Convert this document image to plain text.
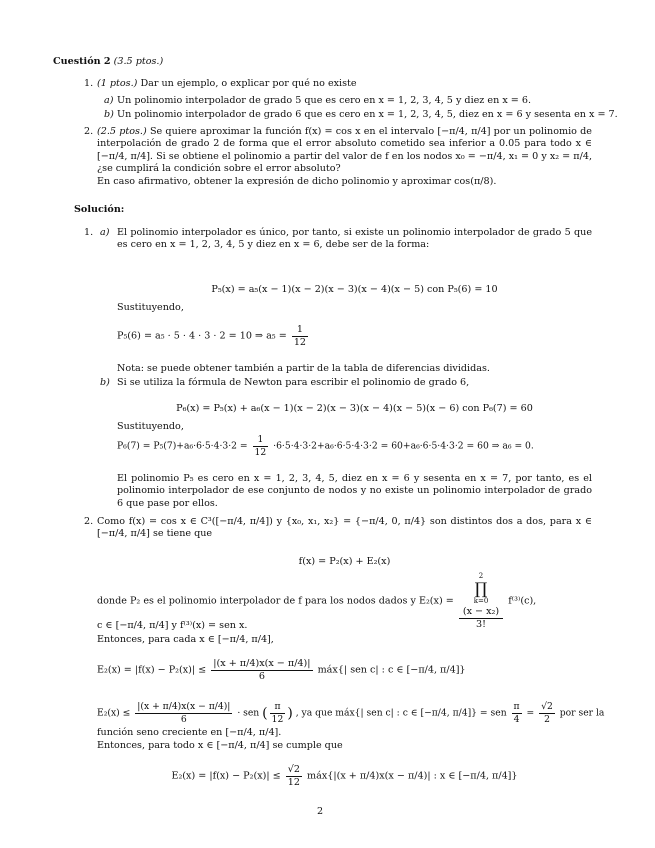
Cuestión 2 (3.5 ptos.)

1. (1 ptos.) Dar un ejemplo, o explicar por qué no existe

a) Un polinomio interpolador de grado 5 que es cero en x = 1, 2, 3, 4, 5 y diez en x = 6.

b) Un polinomio interpolador de grado 6 que es cero en x = 1, 2, 3, 4, 5, diez en x = 6 y sesenta en x = 7.

2. (2.5 ptos.) Se quiere aproximar la función f(x) = cos x en el intervalo [−π/4, π/4] por un polinomio de interpolación de grado 2 de forma que el error absoluto cometido sea inferior a 0.05 para todo x ∈ [−π/4, π/4]. Si se obtiene el polinomio a partir del valor de f en los nodos x₀ = −π/4, x₁ = 0 y x₂ = π/4, ¿se cumplirá la condición sobre el error absoluto?
En caso afirmativo, obtener la expresión de dicho polinomio y aproximar cos(π/8).

Solución:

1. a) El polinomio interpolador es único, por tanto, si existe un polinomio interpolador de grado 5 que es cero en x = 1, 2, 3, 4, 5 y diez en x = 6, debe ser de la forma:

P₅(x) = a₅(x − 1)(x − 2)(x − 3)(x − 4)(x − 5) con P₅(6) = 10

Sustituyendo,

P₅(6) = a₅ · 5 · 4 · 3 · 2 = 10 ⇒ $a_5 = \frac{1}{12}$

Nota: se puede obtener también a partir de la tabla de diferencias divididas.

b) Si se utiliza la fórmula de Newton para escribir el polinomio de grado 6,

P₆(x) = P₅(x) + a₆(x − 1)(x − 2)(x − 3)(x − 4)(x − 5)(x − 6) con P₆(7) = 60

Sustituyendo,

$P_6(7) = P_5(7)+a_6\cdot 6\cdot 5\cdot 4\cdot 3\cdot 2 = \frac{1}{12} \cdot 6\cdot 5\cdot 4\cdot 3\cdot 2+a_6\cdot 6\cdot 5\cdot 4\cdot 3\cdot 2 = 60+a_6\cdot 6\cdot 5\cdot 4\cdot 3\cdot 2 = 60$ ⇒ a₆ = 0.

El polinomio P₅ es cero en x = 1, 2, 3, 4, 5, diez en x = 6 y sesenta en x = 7, por tanto, es el polinomio interpolador de ese conjunto de nodos y no existe un polinomio interpolador de grado 6 que pase por ellos.

2. Como f(x) = cos x ∈ C³([−π/4, π/4]) y {x₀, x₁, x₂} = {−π/4, 0, π/4} son distintos dos a dos, para x ∈ [−π/4, π/4] se tiene que

f(x) = P₂(x) + E₂(x)

donde P₂ es el polinomio interpolador de f para los nodos dados y E₂(x) = 2
∏
k=0
(x − x₂)
3! f⁽³⁾(c),

c ∈ [−π/4, π/4] y f⁽³⁾(x) = sen x.

Entonces, para cada x ∈ [−π/4, π/4],

$E_2(x) = |f(x) - P_2(x)| \le \frac{|(x + \pi/4)x(x - \pi/4)|}{6}$ máx{| sen c| : c ∈ [−π/4, π/4]}
$E_2(x) \le \frac{|(x + \pi/4)x(x - \pi/4)|}{6}$ · sen ( $\frac{\pi}{12}$ ) , ya que máx{| sen c| : c ∈ [−π/4, π/4]} = sen $\frac{\pi}{4} = \frac{√2}{2}$ por ser la

función seno creciente en [−π/4, π/4].

Entonces, para todo x ∈ [−π/4, π/4] se cumple que

$E_2(x) = |f(x) - P_2(x)| \le \frac{√2}{12}$ máx{|(x + π/4)x(x − π/4)| : x ∈ [−π/4, π/4]}

2
